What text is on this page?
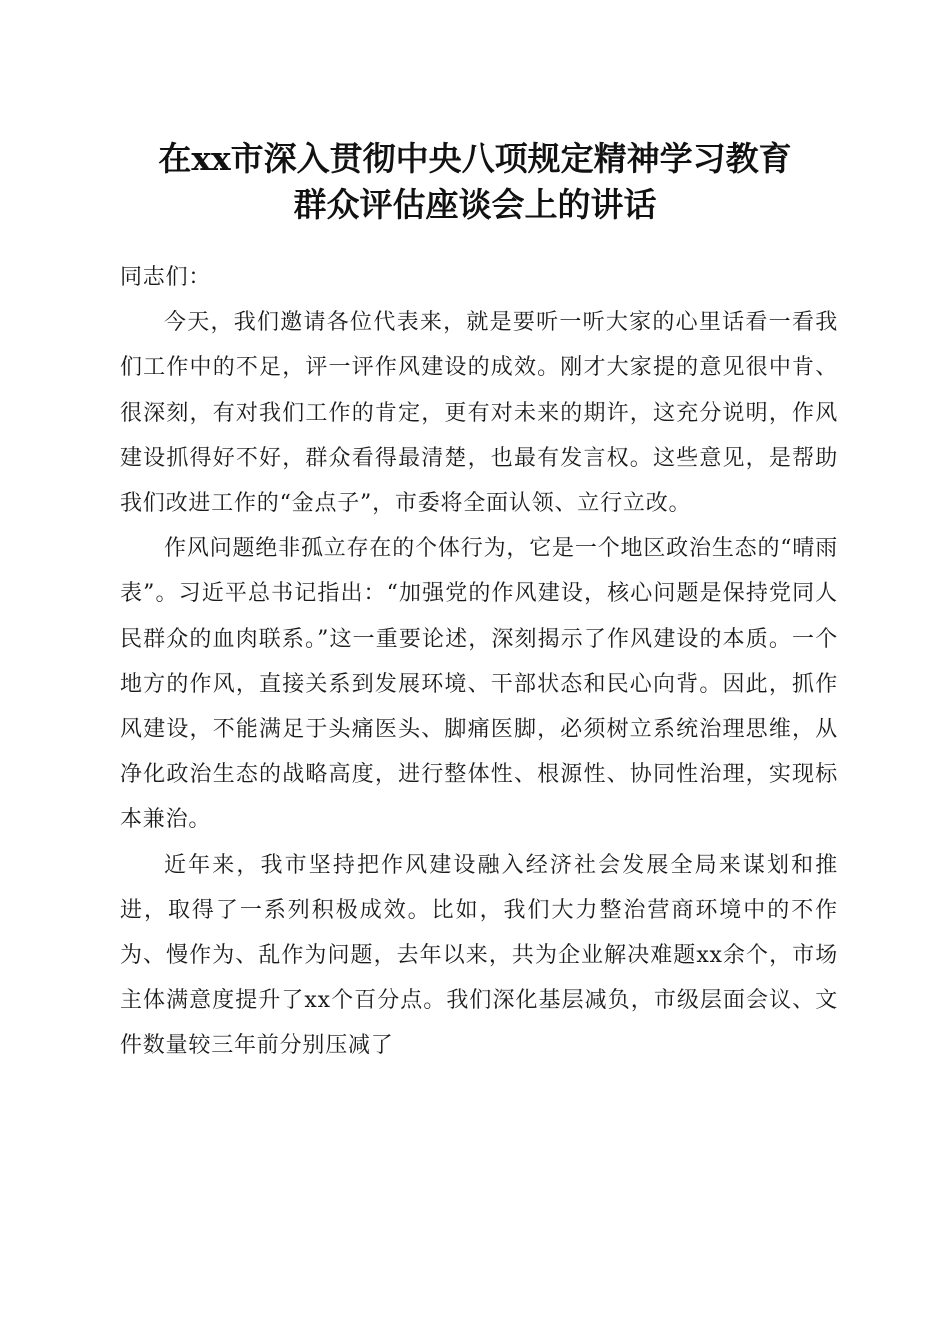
在xx市深入贯彻中央八项规定精神学习教育
群众评估座谈会上的讲话

同志们：

今天，我们邀请各位代表来，就是要听一听大家的心里话看一看我们工作中的不足，评一评作风建设的成效。刚才大家提的意见很中肯、很深刻，有对我们工作的肯定，更有对未来的期许，这充分说明，作风建设抓得好不好，群众看得最清楚，也最有发言权。这些意见，是帮助我们改进工作的“金点子”，市委将全面认领、立行立改。

作风问题绝非孤立存在的个体行为，它是一个地区政治生态的“晴雨表”。习近平总书记指出：“加强党的作风建设，核心问题是保持党同人民群众的血肉联系。”这一重要论述，深刻揭示了作风建设的本质。一个地方的作风，直接关系到发展环境、干部状态和民心向背。因此，抓作风建设，不能满足于头痛医头、脚痛医脚，必须树立系统治理思维，从净化政治生态的战略高度，进行整体性、根源性、协同性治理，实现标本兼治。

近年来，我市坚持把作风建设融入经济社会发展全局来谋划和推进，取得了一系列积极成效。比如，我们大力整治营商环境中的不作为、慢作为、乱作为问题，去年以来，共为企业解决难题xx余个，市场主体满意度提升了xx个百分点。我们深化基层减负，市级层面会议、文件数量较三年前分别压减了
